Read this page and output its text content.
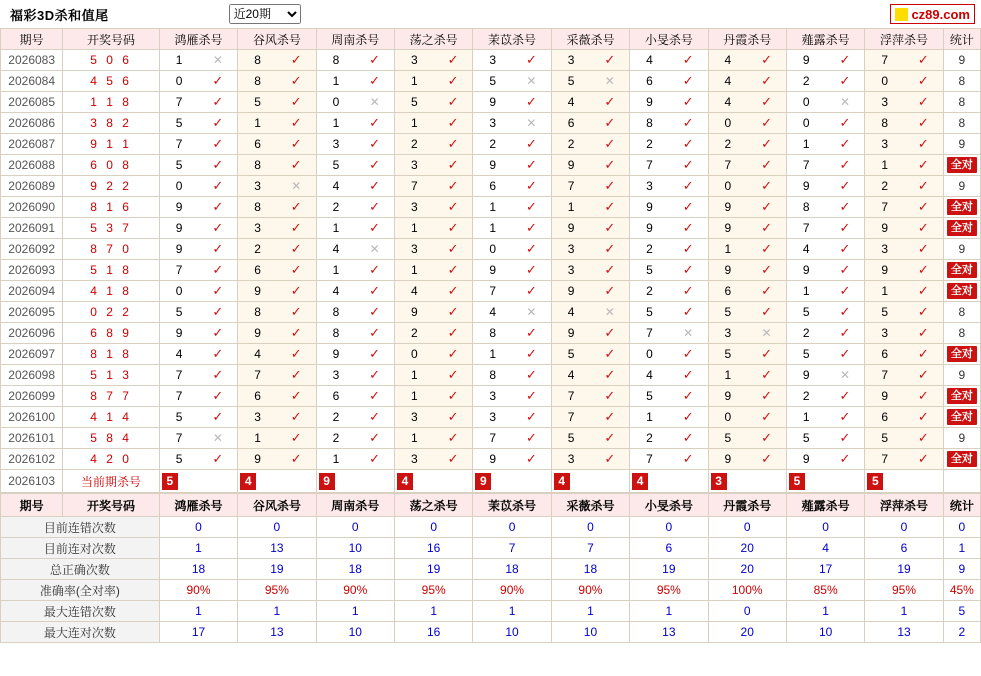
福彩3D杀和值尾
近20期	cz89.com
期号	开奖号码	鸿雁杀号	谷风杀号	周南杀号	荡之杀号	茉苡杀号	采薇杀号	小旻杀号	丹霞杀号	薤露杀号	浮萍杀号	统计
2026083	5 0 6	1 ✕	8 ✓	8 ✓	3 ✓	3 ✓	3 ✓	4 ✓	4 ✓	9 ✓	7 ✓	9
2026084	4 5 6	0 ✓	8 ✓	1 ✓	1 ✓	5 ✕	5 ✕	6 ✓	4 ✓	2 ✓	0 ✓	8
2026085	1 1 8	7 ✓	5 ✓	0 ✕	5 ✓	9 ✓	4 ✓	9 ✓	4 ✓	0 ✕	3 ✓	8
2026086	3 8 2	5 ✓	1 ✓	1 ✓	1 ✓	3 ✕	6 ✓	8 ✓	0 ✓	0 ✓	8 ✓	8
2026087	9 1 1	7 ✓	6 ✓	3 ✓	2 ✓	2 ✓	2 ✓	2 ✓	2 ✓	1 ✓	3 ✓	9
2026088	6 0 8	5 ✓	8 ✓	5 ✓	3 ✓	9 ✓	9 ✓	7 ✓	7 ✓	7 ✓	1 ✓	全对

2026089	9 2 2	0 ✓	3 ✕	4 ✓	7 ✓	6 ✓	7 ✓	3 ✓	0 ✓	9 ✓	2 ✓	9
2026090	8 1 6	9 ✓	8 ✓	2 ✓	3 ✓	1 ✓	1 ✓	9 ✓	9 ✓	8 ✓	7 ✓	全对

2026091	5 3 7	9 ✓	3 ✓	1 ✓	1 ✓	1 ✓	9 ✓	9 ✓	9 ✓	7 ✓	9 ✓	全对

2026092	8 7 0	9 ✓	2 ✓	4 ✕	3 ✓	0 ✓	3 ✓	2 ✓	1 ✓	4 ✓	3 ✓	9
2026093	5 1 8	7 ✓	6 ✓	1 ✓	1 ✓	9 ✓	3 ✓	5 ✓	9 ✓	9 ✓	9 ✓	全对

2026094	4 1 8	0 ✓	9 ✓	4 ✓	4 ✓	7 ✓	9 ✓	2 ✓	6 ✓	1 ✓	1 ✓	全对

2026095	0 2 2	5 ✓	8 ✓	8 ✓	9 ✓	4 ✕	4 ✕	5 ✓	5 ✓	5 ✓	5 ✓	8
2026096	6 8 9	9 ✓	9 ✓	8 ✓	2 ✓	8 ✓	9 ✓	7 ✕	3 ✕	2 ✓	3 ✓	8
2026097	8 1 8	4 ✓	4 ✓	9 ✓	0 ✓	1 ✓	5 ✓	0 ✓	5 ✓	5 ✓	6 ✓	全对

2026098	5 1 3	7 ✓	7 ✓	3 ✓	1 ✓	8 ✓	4 ✓	4 ✓	1 ✓	9 ✕	7 ✓	9
2026099	8 7 7	7 ✓	6 ✓	6 ✓	1 ✓	3 ✓	7 ✓	5 ✓	9 ✓	2 ✓	9 ✓	全对

2026100	4 1 4	5 ✓	3 ✓	2 ✓	3 ✓	3 ✓	7 ✓	1 ✓	0 ✓	1 ✓	6 ✓	全对

2026101	5 8 4	7 ✕	1 ✓	2 ✓	1 ✓	7 ✓	5 ✓	2 ✓	5 ✓	5 ✓	5 ✓	9
2026102	4 2 0	5 ✓	9 ✓	1 ✓	3 ✓	9 ✓	3 ✓	7 ✓	9 ✓	9 ✓	7 ✓	全对

2026103	当前期杀号	5	4	9	4	9	4	4	3	5	5	

期号	开奖号码	鸿雁杀号	谷风杀号	周南杀号	荡之杀号	茉苡杀号	采薇杀号	小旻杀号	丹霞杀号	薤露杀号	浮萍杀号	统计
目前连错次数		0	0	0	0	0	0	0	0	0	0	0
目前连对次数		1	13	10	16	7	7	6	20	4	6	1
总正确次数		18	19	18	19	18	18	19	20	17	19	9
准确率(全对率)		90%	95%	90%	95%	90%	90%	95%	100%	85%	95%	45%
最大连错次数		1	1	1	1	1	1	1	0	1	1	5
最大连对次数		17	13	10	16	10	10	13	20	10	13	2
